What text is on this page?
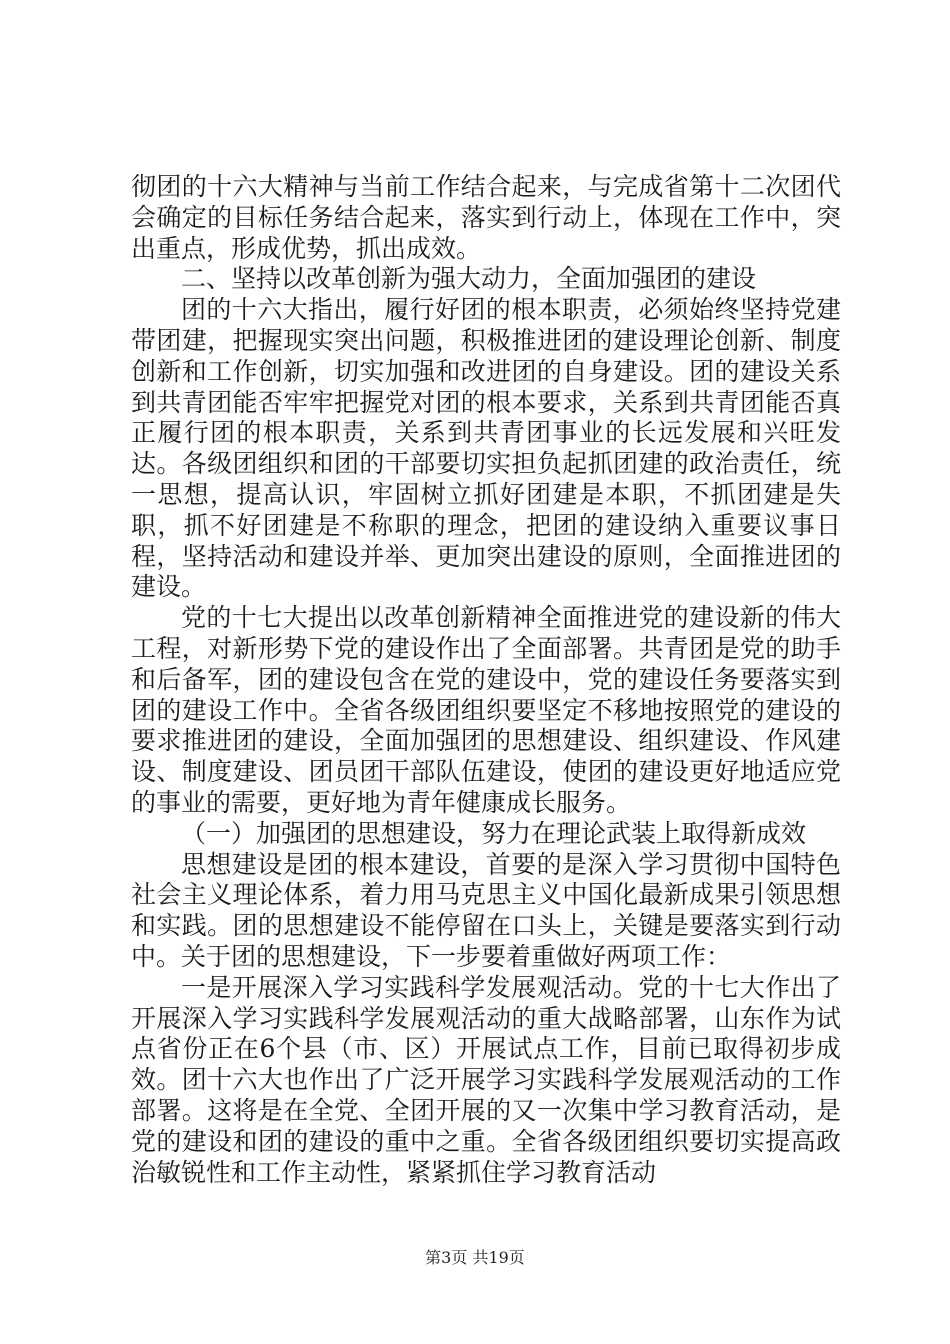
彻团的十六大精神与当前工作结合起来，与完成省第十二次团代会确定的目标任务结合起来，落实到行动上，体现在工作中，突出重点，形成优势，抓出成效。

二、坚持以改革创新为强大动力，全面加强团的建设

团的十六大指出，履行好团的根本职责，必须始终坚持党建带团建，把握现实突出问题，积极推进团的建设理论创新、制度创新和工作创新，切实加强和改进团的自身建设。团的建设关系到共青团能否牢牢把握党对团的根本要求，关系到共青团能否真正履行团的根本职责，关系到共青团事业的长远发展和兴旺发达。各级团组织和团的干部要切实担负起抓团建的政治责任，统一思想，提高认识，牢固树立抓好团建是本职，不抓团建是失职，抓不好团建是不称职的理念，把团的建设纳入重要议事日程，坚持活动和建设并举、更加突出建设的原则，全面推进团的建设。

党的十七大提出以改革创新精神全面推进党的建设新的伟大工程，对新形势下党的建设作出了全面部署。共青团是党的助手和后备军，团的建设包含在党的建设中，党的建设任务要落实到团的建设工作中。全省各级团组织要坚定不移地按照党的建设的要求推进团的建设，全面加强团的思想建设、组织建设、作风建设、制度建设、团员团干部队伍建设，使团的建设更好地适应党的事业的需要，更好地为青年健康成长服务。

（一）加强团的思想建设，努力在理论武装上取得新成效

思想建设是团的根本建设，首要的是深入学习贯彻中国特色社会主义理论体系，着力用马克思主义中国化最新成果引领思想和实践。团的思想建设不能停留在口头上，关键是要落实到行动中。关于团的思想建设，下一步要着重做好两项工作：

一是开展深入学习实践科学发展观活动。党的十七大作出了开展深入学习实践科学发展观活动的重大战略部署，山东作为试点省份正在6个县（市、区）开展试点工作，目前已取得初步成效。团十六大也作出了广泛开展学习实践科学发展观活动的工作部署。这将是在全党、全团开展的又一次集中学习教育活动，是党的建设和团的建设的重中之重。全省各级团组织要切实提高政治敏锐性和工作主动性，紧紧抓住学习教育活动

第3页 共19页
